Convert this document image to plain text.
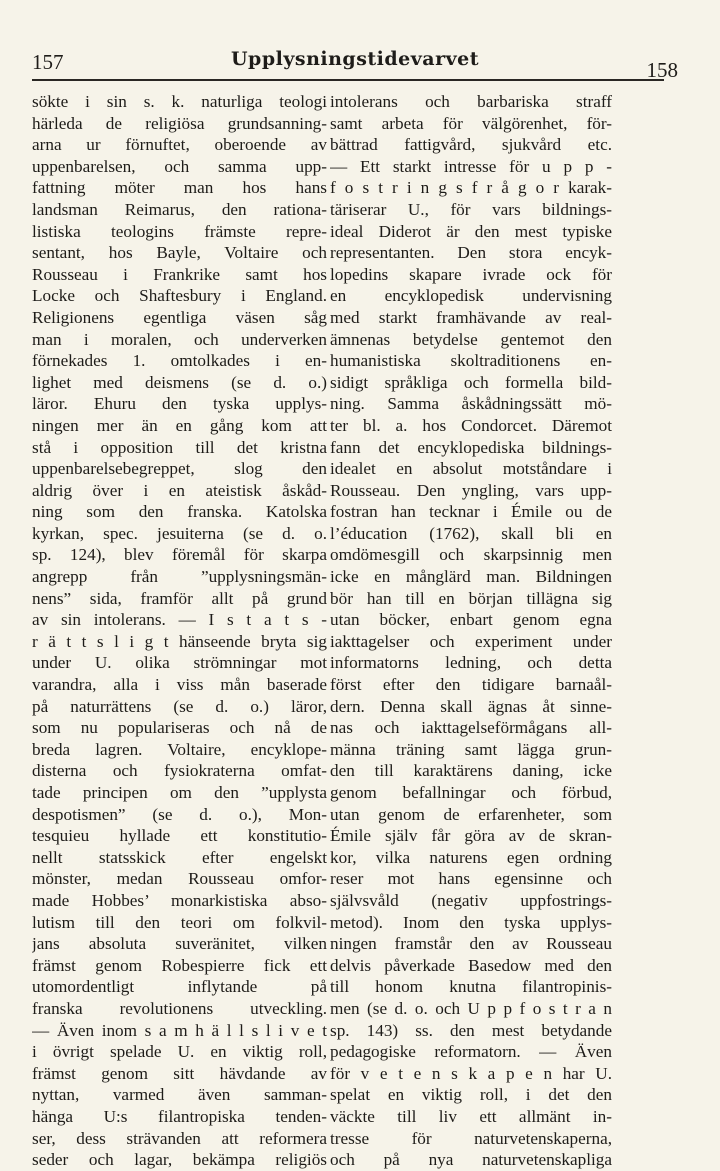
157	Upplysningstidevarvet	158
sökte i sin s. k. naturliga teologi
härleda de religiösa grundsanning-
arna ur förnuftet, oberoende av
uppenbarelsen, och samma upp-
fattning möter man hos hans
landsman Reimarus, den rationa-
listiska teologins främste repre-
sentant, hos Bayle, Voltaire och
Rousseau i Frankrike samt hos
Locke och Shaftesbury i England.
Religionens egentliga väsen såg
man i moralen, och underverken
förnekades 1. omtolkades i en-
lighet med deismens (se d. o.)
läror. Ehuru den tyska upplys-
ningen mer än en gång kom att
stå i opposition till det kristna
uppenbarelsebegreppet, slog den
aldrig över i en ateistisk åskåd-
ning som den franska. Katolska
kyrkan, spec. jesuiterna (se d. o.
sp. 124), blev föremål för skarpa
angrepp från ”upplysningsmän-
nens” sida, framför allt på grund
av sin intolerans. — I s t a t s -
r ä t t s l i g t hänseende bryta sig
under U. olika strömningar mot
varandra, alla i viss mån baserade
på naturrättens (se d. o.) läror,
som nu populariseras och nå de
breda lagren. Voltaire, encyklope-
disterna och fysiokraterna omfat-
tade principen om den ”upplysta
despotismen” (se d. o.), Mon-
tesquieu hyllade ett konstitutio-
nellt statsskick efter engelskt
mönster, medan Rousseau omfor-
made Hobbes’ monarkistiska abso-
lutism till den teori om folkvil-
jans absoluta suveränitet, vilken
främst genom Robespierre fick ett
utomordentligt inflytande på
franska revolutionens utveckling.
— Även inom s a m h ä l l s l i v e t
i övrigt spelade U. en viktig roll,
främst genom sitt hävdande av
nyttan, varmed även samman-
hänga U:s filantropiska tenden-
ser, dess strävanden att reformera
seder och lagar, bekämpa religiös
intolerans och barbariska straff
samt arbeta för välgörenhet, för-
bättrad fattigvård, sjukvård etc.
— Ett starkt intresse för u p p -
f o s t r i n g s f r å g o r karak-
täriserar U., för vars bildnings-
ideal Diderot är den mest typiske
representanten. Den stora encyk-
lopedins skapare ivrade ock för
en encyklopedisk undervisning
med starkt framhävande av real-
ämnenas betydelse gentemot den
humanistiska skoltraditionens en-
sidigt språkliga och formella bild-
ning. Samma åskådningssätt mö-
ter bl. a. hos Condorcet. Däremot
fann det encyklopediska bildnings-
idealet en absolut motståndare i
Rousseau. Den yngling, vars upp-
fostran han tecknar i Émile ou de
l’éducation (1762), skall bli en
omdömesgill och skarpsinnig men
icke en månglärd man. Bildningen
bör han till en början tillägna sig
utan böcker, enbart genom egna
iakttagelser och experiment under
informatorns ledning, och detta
först efter den tidigare barnaål-
dern. Denna skall ägnas åt sinne-
nas och iakttagelseförmågans all-
männa träning samt lägga grun-
den till karaktärens daning, icke
genom befallningar och förbud,
utan genom de erfarenheter, som
Émile själv får göra av de skran-
kor, vilka naturens egen ordning
reser mot hans egensinne och
självsvåld (negativ uppfostrings-
metod). Inom den tyska upplys-
ningen framstår den av Rousseau
delvis påverkade Basedow med den
till honom knutna filantropinis-
men (se d. o. och U p p f o s t r a n
sp. 143) ss. den mest betydande
pedagogiske reformatorn. — Även
för v e t e n s k a p e n har U.
spelat en viktig roll, i det den
väckte till liv ett allmänt in-
tresse för naturvetenskaperna,
och på nya naturvetenskapliga
